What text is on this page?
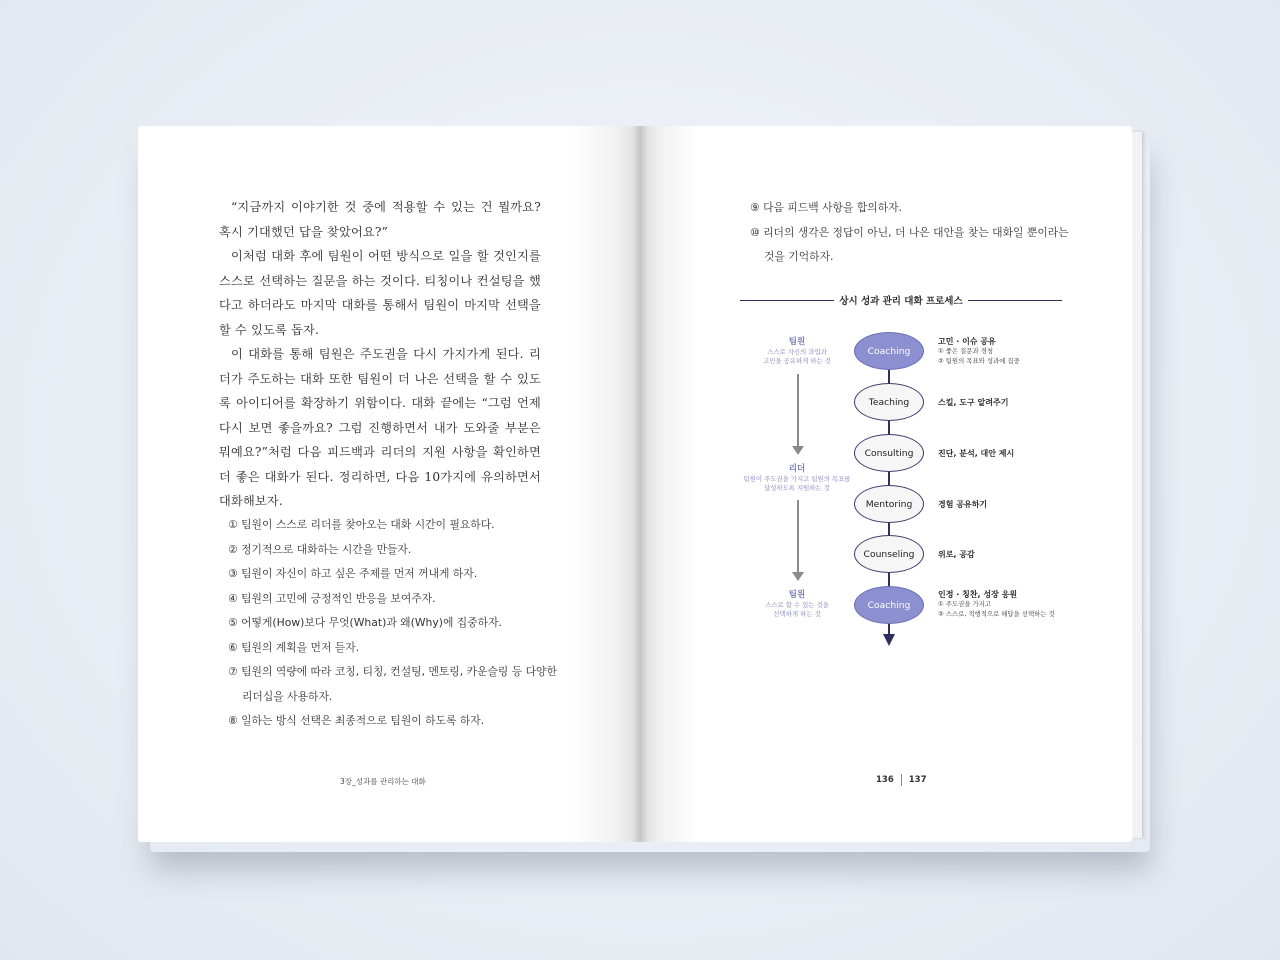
“지금까지 이야기한 것 중에 적용할 수 있는 건 뭘까요? 혹시 기대했던 답을 찾았어요?”

이처럼 대화 후에 팀원이 어떤 방식으로 일을 할 것인지를 스스로 선택하는 질문을 하는 것이다. 티칭이나 컨설팅을 했다고 하더라도 마지막 대화를 통해서 팀원이 마지막 선택을 할 수 있도록 돕자.

이 대화를 통해 팀원은 주도권을 다시 가지가게 된다. 리더가 주도하는 대화 또한 팀원이 더 나은 선택을 할 수 있도록 아이디어를 확장하기 위함이다. 대화 끝에는 “그럼 언제 다시 보면 좋을까요? 그럼 진행하면서 내가 도와줄 부분은 뭐예요?”처럼 다음 피드백과 리더의 지원 사항을 확인하면 더 좋은 대화가 된다. 정리하면, 다음 10가지에 유의하면서 대화해보자.

① 팀원이 스스로 리더를 찾아오는 대화 시간이 필요하다.
② 정기적으로 대화하는 시간을 만들자.
③ 팀원이 자신이 하고 싶은 주제를 먼저 꺼내게 하자.
④ 팀원의 고민에 긍정적인 반응을 보여주자.
⑤ 어떻게(How)보다 무엇(What)과 왜(Why)에 집중하자.
⑥ 팀원의 계획을 먼저 듣자.
⑦ 팀원의 역량에 따라 코칭, 티칭, 컨설팅, 멘토링, 카운슬링 등 다양한
리더십을 사용하자.
⑧ 일하는 방식 선택은 최종적으로 팀원이 하도록 하자.
3장_성과를 관리하는 대화
⑨ 다음 피드백 사항을 합의하자.
⑩ 리더의 생각은 정답이 아닌, 더 나은 대안을 찾는 대화일 뿐이라는
것을 기억하자.
상시 성과 관리 대화 프로세스
팀원
스스로 자신의 과업과
고민을 공유하게 하는 것
리더
팀원이 주도권을 가지고 팀원의 목표를
달성하도록 지원하는 것
팀원
스스로 할 수 있는 것을
선택하게 하는 것
Coaching
Teaching
Consulting
Mentoring
Counseling
Coaching
고민 · 이슈 공유
① 좋은 질문과 경청
② 팀원의 목표와 성과에 집중
스킬, 도구 알려주기
진단, 분석, 대안 제시
경험 공유하기
위로, 공감
인정 · 칭찬, 성장 응원
① 주도권을 가지고
② 스스로, 적행적으로 해답을 선택하는 것
136 137
